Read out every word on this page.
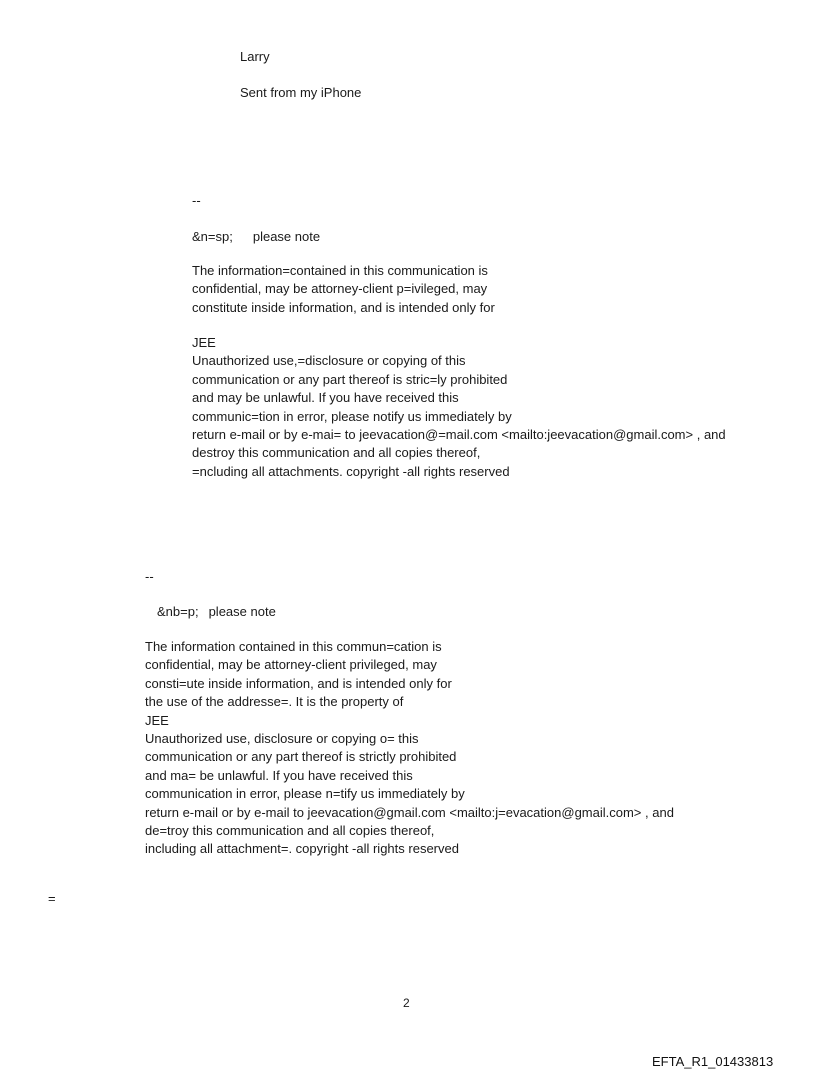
Larry
Sent from my iPhone
--
&n=sp; please note
The information=contained in this communication is
confidential, may be attorney-client p=ivileged, may
constitute inside information, and is intended only for
JEE
Unauthorized use,=disclosure or copying of this
communication or any part thereof is stric=ly prohibited
and may be unlawful. If you have received this
communic=tion in error, please notify us immediately by
return e-mail or by e-mai= to jeevacation@=mail.com <mailto:jeevacation@gmail.com> , and
destroy this communication and all copies thereof,
=ncluding all attachments. copyright -all rights reserved
--
&nb=p; please note
The information contained in this commun=cation is
confidential, may be attorney-client privileged, may
consti=ute inside information, and is intended only for
the use of the addresse=. It is the property of
JEE
Unauthorized use, disclosure or copying o= this
communication or any part thereof is strictly prohibited
and ma= be unlawful. If you have received this
communication in error, please n=tify us immediately by
return e-mail or by e-mail to jeevacation@gmail.com <mailto:j=evacation@gmail.com> , and
de=troy this communication and all copies thereof,
including all attachment=. copyright -all rights reserved
=
2
EFTA_R1_01433813
